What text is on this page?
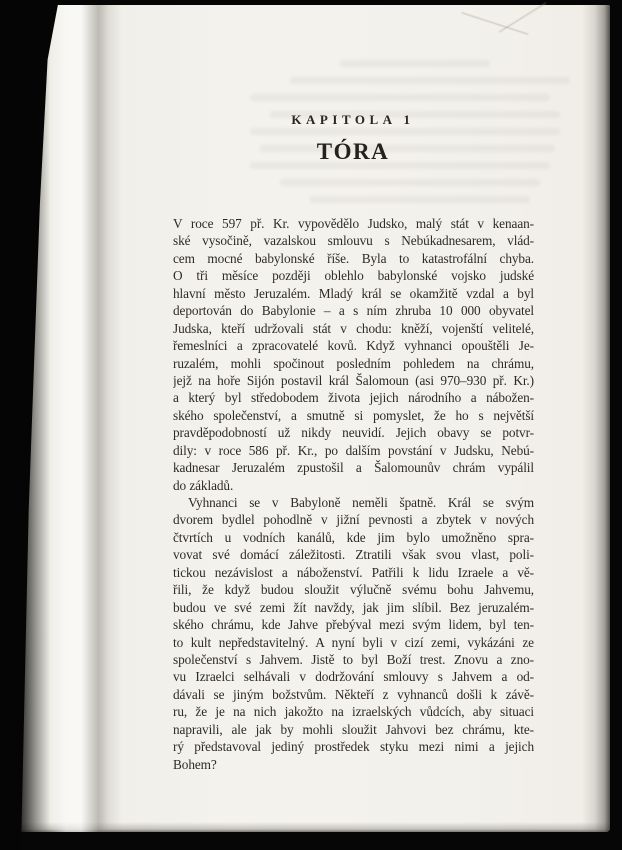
KAPITOLA 1
TÓRA
V roce 597 př. Kr. vypovědělo Judsko, malý stát v kenaan-
ské vysočině, vazalskou smlouvu s Nebúkadnesarem, vlád-
cem mocné babylonské říše. Byla to katastrofální chyba.
O tři měsíce později oblehlo babylonské vojsko judské
hlavní město Jeruzalém. Mladý král se okamžitě vzdal a byl
deportován do Babylonie – a s ním zhruba 10 000 obyvatel
Judska, kteří udržovali stát v chodu: kněží, vojenští velitelé,
řemeslníci a zpracovatelé kovů. Když vyhnanci opouštěli Je-
ruzalém, mohli spočinout posledním pohledem na chrámu,
jejž na hoře Sijón postavil král Šalomoun (asi 970–930 př. Kr.)
a který byl středobodem života jejich národního a nábožen-
ského společenství, a smutně si pomyslet, že ho s největší
pravděpodobností už nikdy neuvidí. Jejich obavy se potvr-
dily: v roce 586 př. Kr., po dalším povstání v Judsku, Nebú-
kadnesar Jeruzalém zpustošil a Šalomounův chrám vypálil
do základů.
Vyhnanci se v Babyloně neměli špatně. Král se svým
dvorem bydlel pohodlně v jižní pevnosti a zbytek v nových
čtvrtích u vodních kanálů, kde jim bylo umožněno spra-
vovat své domácí záležitosti. Ztratili však svou vlast, poli-
tickou nezávislost a náboženství. Patřili k lidu Izraele a vě-
řili, že když budou sloužit výlučně svému bohu Jahvemu,
budou ve své zemi žít navždy, jak jim slíbil. Bez jeruzalém-
ského chrámu, kde Jahve přebýval mezi svým lidem, byl ten-
to kult nepředstavitelný. A nyní byli v cizí zemi, vykázáni ze
společenství s Jahvem. Jistě to byl Boží trest. Znovu a zno-
vu Izraelci selhávali v dodržování smlouvy s Jahvem a od-
dávali se jiným božstvům. Někteří z vyhnanců došli k závě-
ru, že je na nich jakožto na izraelských vůdcích, aby situaci
napravili, ale jak by mohli sloužit Jahvovi bez chrámu, kte-
rý představoval jediný prostředek styku mezi nimi a jejich
Bohem?
